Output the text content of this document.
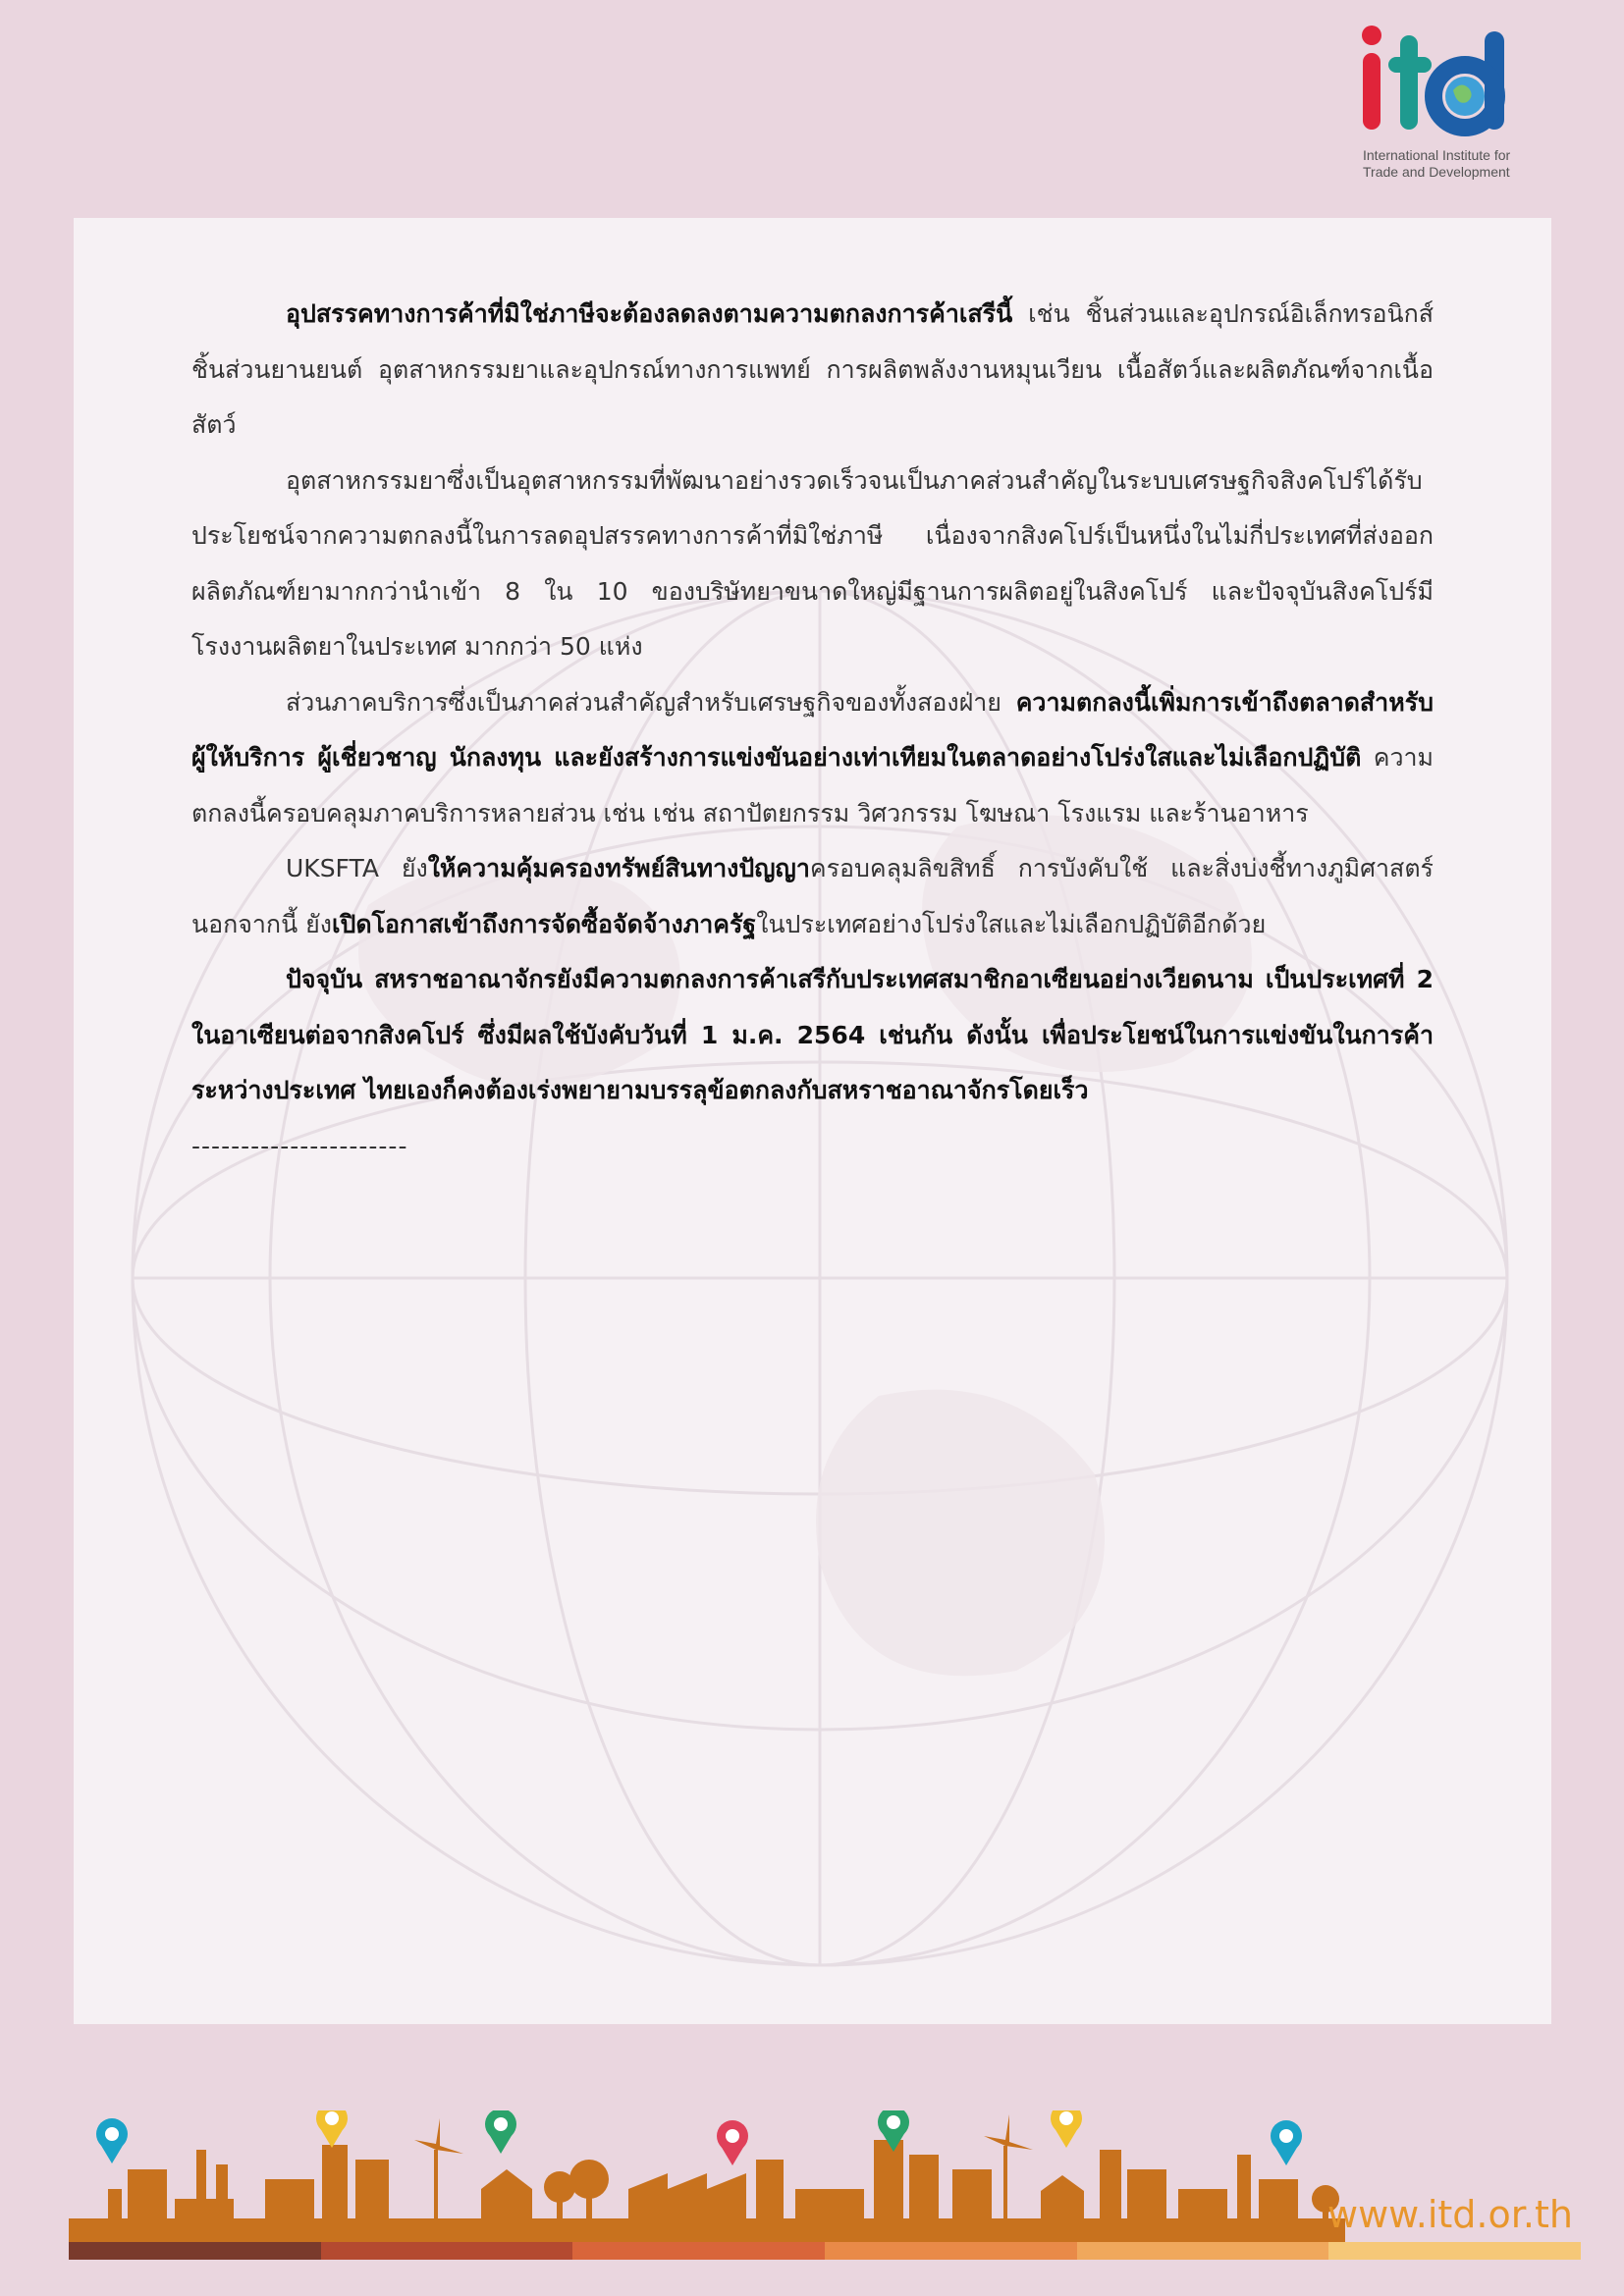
International Institute for
Trade and Development

อุปสรรคทางการค้าที่มิใช่ภาษีจะต้องลดลงตามความตกลงการค้าเสรีนี้ เช่น ชิ้นส่วนและอุปกรณ์อิเล็กทรอนิกส์ ชิ้นส่วนยานยนต์ อุตสาหกรรมยาและอุปกรณ์ทางการแพทย์ การผลิตพลังงานหมุนเวียน เนื้อสัตว์และผลิตภัณฑ์จากเนื้อสัตว์

อุตสาหกรรมยาซึ่งเป็นอุตสาหกรรมที่พัฒนาอย่างรวดเร็วจนเป็นภาคส่วนสำคัญในระบบเศรษฐกิจสิงคโปร์ได้รับประโยชน์จากความตกลงนี้ในการลดอุปสรรคทางการค้าที่มิใช่ภาษี เนื่องจากสิงคโปร์เป็นหนึ่งในไม่กี่ประเทศที่ส่งออกผลิตภัณฑ์ยามากกว่านำเข้า 8 ใน 10 ของบริษัทยาขนาดใหญ่มีฐานการผลิตอยู่ในสิงคโปร์ และปัจจุบันสิงคโปร์มีโรงงานผลิตยาในประเทศ มากกว่า 50 แห่ง

ส่วนภาคบริการซึ่งเป็นภาคส่วนสำคัญสำหรับเศรษฐกิจของทั้งสองฝ่าย ความตกลงนี้เพิ่มการเข้าถึงตลาดสำหรับผู้ให้บริการ ผู้เชี่ยวชาญ นักลงทุน และยังสร้างการแข่งขันอย่างเท่าเทียมในตลาดอย่างโปร่งใสและไม่เลือกปฏิบัติ ความตกลงนี้ครอบคลุมภาคบริการหลายส่วน เช่น เช่น สถาปัตยกรรม วิศวกรรม โฆษณา โรงแรม และร้านอาหาร

UKSFTA ยังให้ความคุ้มครองทรัพย์สินทางปัญญาครอบคลุมลิขสิทธิ์ การบังคับใช้ และสิ่งบ่งชี้ทางภูมิศาสตร์ นอกจากนี้ ยังเปิดโอกาสเข้าถึงการจัดซื้อจัดจ้างภาครัฐในประเทศอย่างโปร่งใสและไม่เลือกปฏิบัติอีกด้วย

ปัจจุบัน สหราชอาณาจักรยังมีความตกลงการค้าเสรีกับประเทศสมาชิกอาเซียนอย่างเวียดนาม เป็นประเทศที่ 2 ในอาเซียนต่อจากสิงคโปร์ ซึ่งมีผลใช้บังคับวันที่ 1 ม.ค. 2564 เช่นกัน ดังนั้น เพื่อประโยชน์ในการแข่งขันในการค้าระหว่างประเทศ ไทยเองก็คงต้องเร่งพยายามบรรลุข้อตกลงกับสหราชอาณาจักรโดยเร็ว

----------------------

www.itd.or.th
